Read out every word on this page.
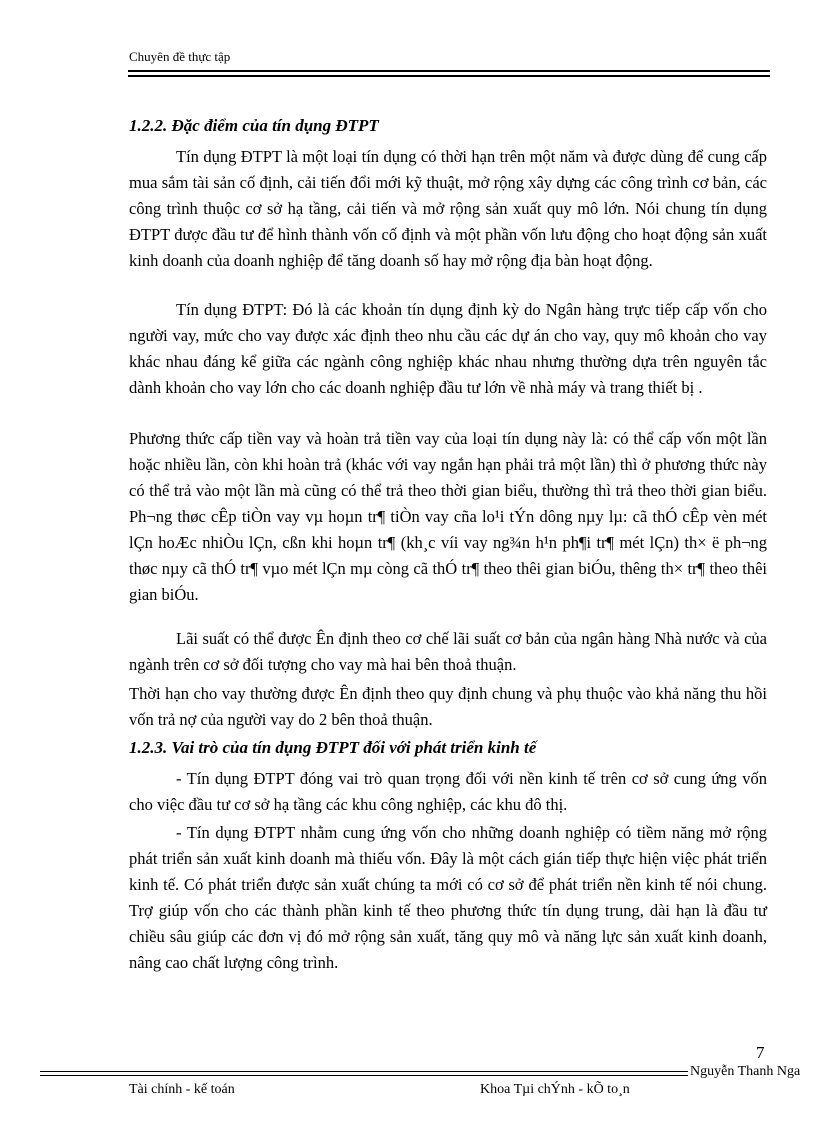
Chuyên đề thực tập
1.2.2. Đặc điểm của tín dụng ĐTPT

Tín dụng ĐTPT là một loại tín dụng có thời hạn trên một năm và được dùng để cung cấp mua sắm tài sản cố định, cải tiến đổi mới kỹ thuật, mở rộng xây dựng các công trình cơ bản, các công trình thuộc cơ sở hạ tầng, cải tiến và mở rộng sản xuất quy mô lớn. Nói chung tín dụng ĐTPT được đầu tư để hình thành vốn cố định và một phần vốn lưu động cho hoạt động sản xuất kinh doanh của doanh nghiệp để tăng doanh số hay mở rộng địa bàn hoạt động.

Tín dụng ĐTPT: Đó là các khoản tín dụng định kỳ do Ngân hàng trực tiếp cấp vốn cho người vay, mức cho vay được xác định theo nhu cầu các dự án cho vay, quy mô khoản cho vay khác nhau đáng kể giữa các ngành công nghiệp khác nhau nhưng thường dựa trên nguyên tắc dành khoản cho vay lớn cho các doanh nghiệp đầu tư lớn về nhà máy và trang thiết bị .

Phương thức cấp tiền vay và hoàn trả tiền vay của loại tín dụng này là: có thể cấp vốn một lần hoặc nhiều lần, còn khi hoàn trả (khác với vay ngắn hạn phải trả một lần) thì ở phương thức này có thể trả vào một lần mà cũng có thể trả theo thời gian biểu, thường thì trả theo thời gian biểu. Ph¬ng thøc cÊp tiÒn vay vµ hoµn tr¶ tiÒn vay cña lo¹i tÝn dông nµy lµ: cã thÓ cÊp vèn mét lÇn hoÆc nhiÒu lÇn, cßn khi hoµn tr¶ (kh¸c víi vay ng¾n h¹n ph¶i tr¶ mét lÇn) th× ë ph¬ng thøc nµy cã thÓ tr¶ vµo mét lÇn mµ còng cã thÓ tr¶ theo thêi gian biÓu, thêng th× tr¶ theo thêi gian biÓu.

Lãi suất có thể được Ên định theo cơ chế lãi suất cơ bản của ngân hàng Nhà nước và của ngành trên cơ sở đối tượng cho vay mà hai bên thoả thuận.

Thời hạn cho vay thường được Ên định theo quy định chung và phụ thuộc vào khả năng thu hồi vốn trả nợ của người vay do 2 bên thoả thuận.

1.2.3. Vai trò của tín dụng ĐTPT đối với phát triển kinh tế

- Tín dụng ĐTPT đóng vai trò quan trọng đối với nền kinh tế trên cơ sở cung ứng vốn cho việc đầu tư cơ sở hạ tầng các khu công nghiệp, các khu đô thị.

- Tín dụng ĐTPT nhằm cung ứng vốn cho những doanh nghiệp có tiềm năng mở rộng phát triển sản xuất kinh doanh mà thiếu vốn. Đây là một cách gián tiếp thực hiện việc phát triển kinh tế. Có phát triển được sản xuất chúng ta mới có cơ sở để phát triển nền kinh tế nói chung. Trợ giúp vốn cho các thành phần kinh tế theo phương thức tín dụng trung, dài hạn là đầu tư chiều sâu giúp các đơn vị đó mở rộng sản xuất, tăng quy mô và năng lực sản xuất kinh doanh, nâng cao chất lượng công trình.

7
Nguyễn Thanh Nga
Tài chính - kế toán	Khoa Tµi chÝnh - kÕ to¸n
